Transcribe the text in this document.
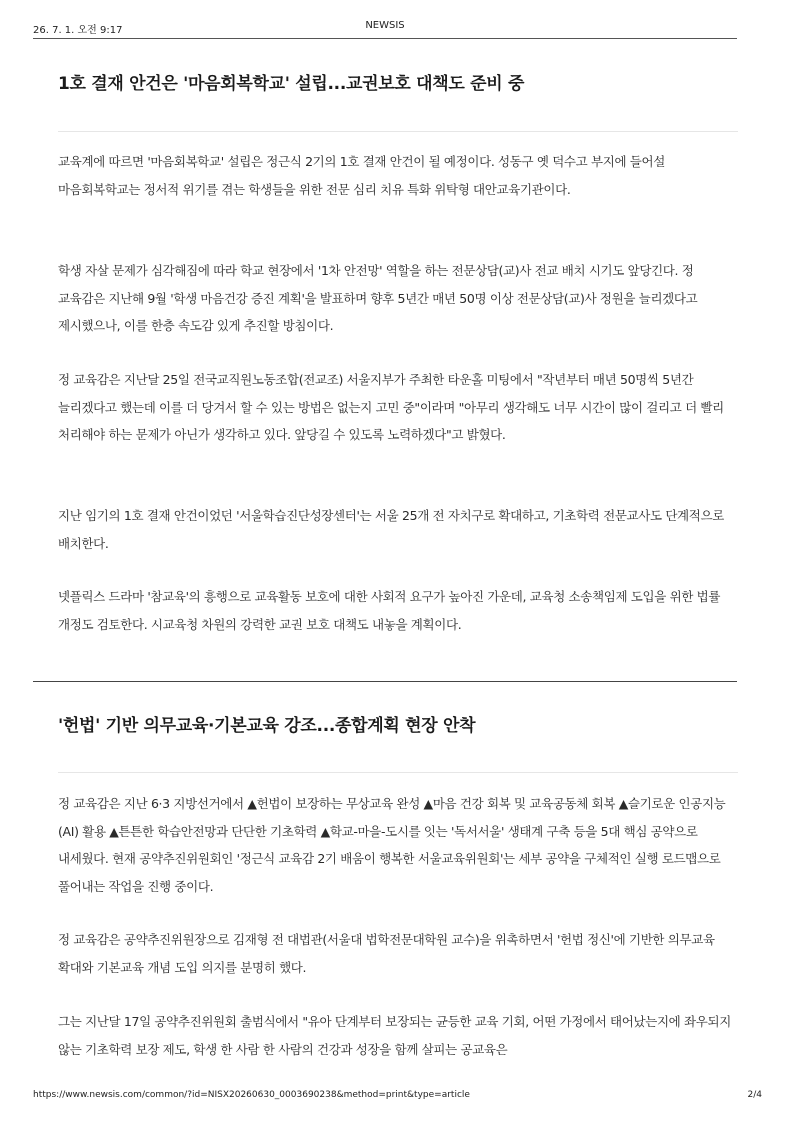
26. 7. 1. 오전 9:17	NEWSIS
1호 결재 안건은 '마음회복학교' 설립...교권보호 대책도 준비 중

교육계에 따르면 '마음회복학교' 설립은 정근식 2기의 1호 결재 안건이 될 예정이다. 성동구 옛 덕수고 부지에 들어설 마음회복학교는 정서적 위기를 겪는 학생들을 위한 전문 심리 치유 특화 위탁형 대안교육기관이다.

학생 자살 문제가 심각해짐에 따라 학교 현장에서 '1차 안전망' 역할을 하는 전문상담(교)사 전교 배치 시기도 앞당긴다. 정 교육감은 지난해 9월 '학생 마음건강 증진 계획'을 발표하며 향후 5년간 매년 50명 이상 전문상담(교)사 정원을 늘리겠다고 제시했으나, 이를 한층 속도감 있게 추진할 방침이다.

정 교육감은 지난달 25일 전국교직원노동조합(전교조) 서울지부가 주최한 타운홀 미팅에서 "작년부터 매년 50명씩 5년간 늘리겠다고 했는데 이를 더 당겨서 할 수 있는 방법은 없는지 고민 중"이라며 "아무리 생각해도 너무 시간이 많이 걸리고 더 빨리 처리해야 하는 문제가 아닌가 생각하고 있다. 앞당길 수 있도록 노력하겠다"고 밝혔다.

지난 임기의 1호 결재 안건이었던 '서울학습진단성장센터'는 서울 25개 전 자치구로 확대하고, 기초학력 전문교사도 단계적으로 배치한다.

넷플릭스 드라마 '참교육'의 흥행으로 교육활동 보호에 대한 사회적 요구가 높아진 가운데, 교육청 소송책임제 도입을 위한 법률 개정도 검토한다. 시교육청 차원의 강력한 교권 보호 대책도 내놓을 계획이다.

'헌법' 기반 의무교육·기본교육 강조...종합계획 현장 안착

정 교육감은 지난 6·3 지방선거에서 ▲헌법이 보장하는 무상교육 완성 ▲마음 건강 회복 및 교육공동체 회복 ▲슬기로운 인공지능(AI) 활용 ▲튼튼한 학습안전망과 단단한 기초학력 ▲학교-마을-도시를 잇는 '독서서울' 생태계 구축 등을 5대 핵심 공약으로 내세웠다. 현재 공약추진위원회인 '정근식 교육감 2기 배움이 행복한 서울교육위원회'는 세부 공약을 구체적인 실행 로드맵으로 풀어내는 작업을 진행 중이다.

정 교육감은 공약추진위원장으로 김재형 전 대법관(서울대 법학전문대학원 교수)을 위촉하면서 '헌법 정신'에 기반한 의무교육 확대와 기본교육 개념 도입 의지를 분명히 했다.

그는 지난달 17일 공약추진위원회 출범식에서 "유아 단계부터 보장되는 균등한 교육 기회, 어떤 가정에서 태어났는지에 좌우되지 않는 기초학력 보장 제도, 학생 한 사람 한 사람의 건강과 성장을 함께 살피는 공교육은

https://www.newsis.com/common/?id=NISX20260630_0003690238&method=print&type=article	2/4
